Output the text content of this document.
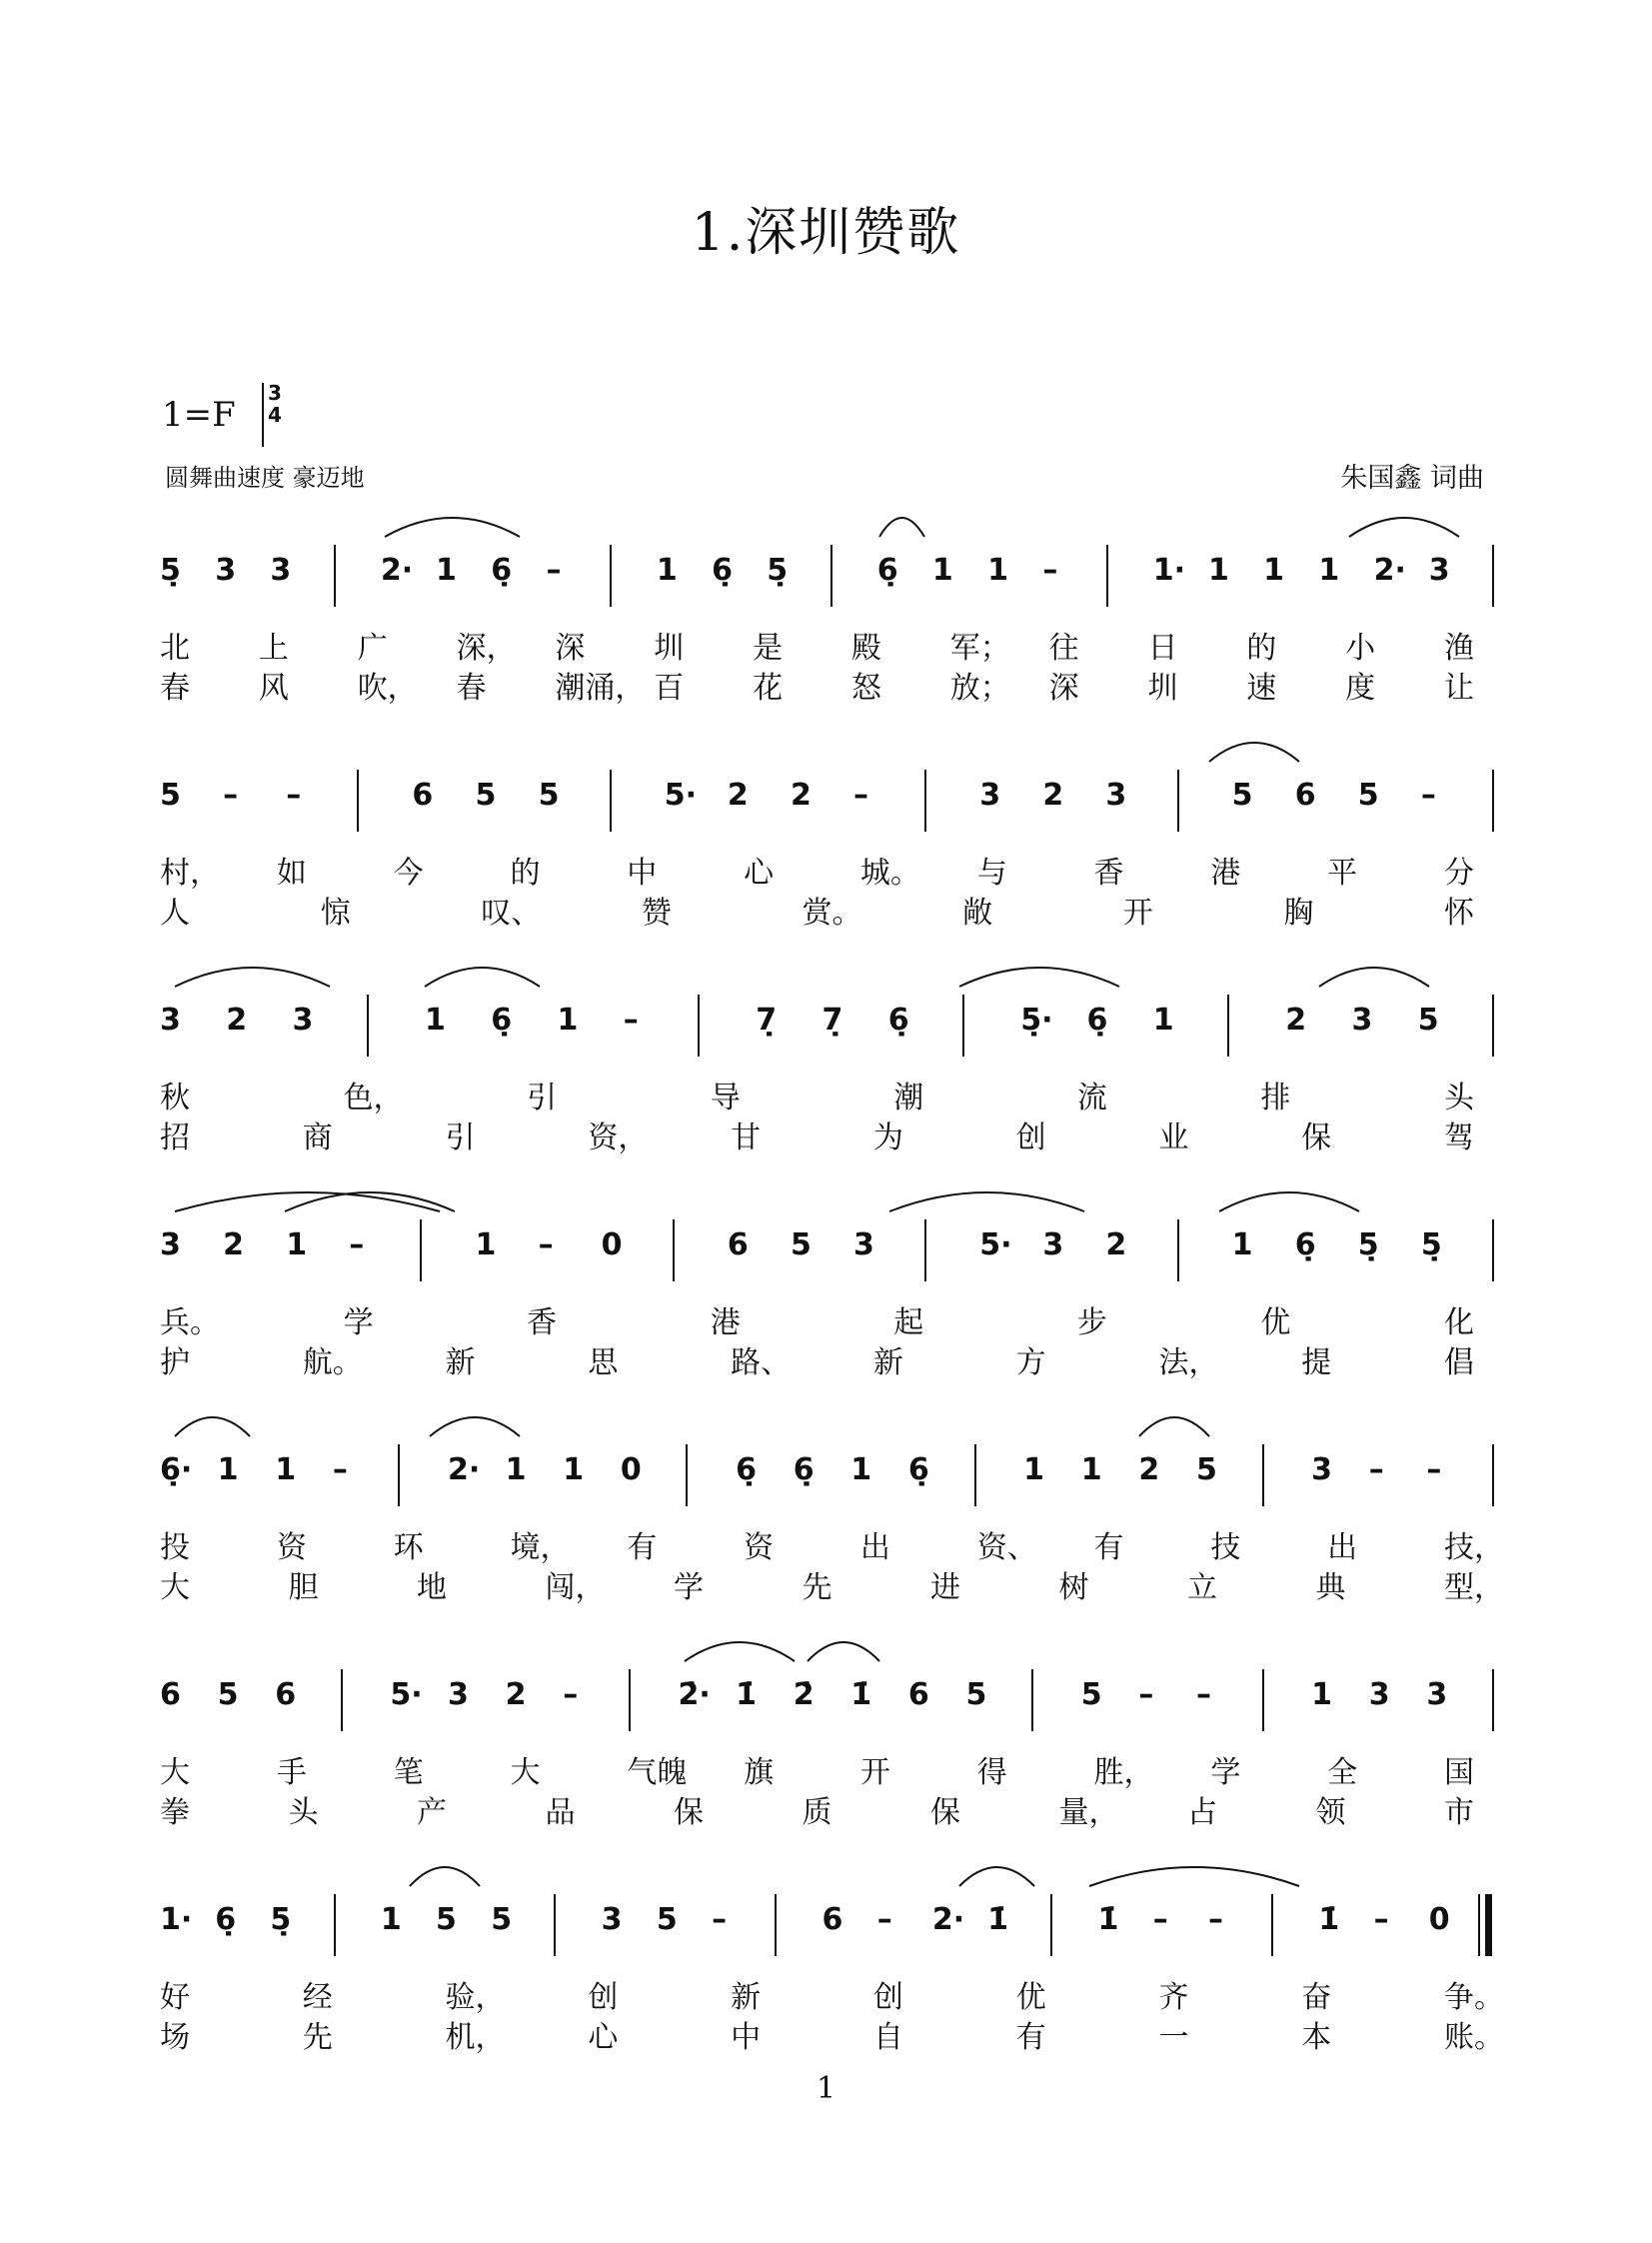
1.深圳赞歌
1=F
3
4
圆舞曲速度 豪迈地	朱国鑫 词曲
5̣ 3 3	2· 1 6̣ –	1 6̣ 5̣	6̣ 1 1 –	1· 1 1 1 2· 3
北 上 广 深， 深 圳 是 殿 军； 往 日 的 小 渔
春 风 吹， 春 潮涌， 百 花 怒 放； 深 圳 速 度 让
5 – –	6 5 5	5· 2 2 –	3 2 3	5 6 5 –
村， 如	今	的	中	心	城。 与	香	港	平	分
人	惊	叹、	赞	赏。	敞	开	胸	怀
3 2 3	1 6̣ 1 –	7̣ 7̣ 6̣	5̣· 6̣ 1	2 3 5
秋	色，	引	导	潮	流	排	头
招	商	引	资，	甘	为	创	业	保	驾
3 2 1 –	1 – 0	6 5 3	5· 3 2	1 6̣ 5̣ 5̣
兵。	学	香	港	起	步	优	化
护	航。	新	思	路、	新	方	法，	提	倡
6̣· 1 1 –	2· 1 1 0	6̣ 6̣ 1 6̣	1 1 2 5	3 – –
投	资	环	境， 有	资	出	资、 有	技	出	技，
大	胆	地	闯， 学	先	进	树	立	典	型，
6 5 6	5· 3 2 –	2̇· 1̇ 2̇ 1̇ 6 5	5 – –	1 3 3
大	手	笔	大	气魄 旗	开	得	胜， 学	全	国
拳	头	产	品	保	质	保	量， 占	领	市
1· 6̣ 5̣	1 5 5	3 5 –	6 – 2· 1̇	1̇ – –	1̇ – 0
好	经	验，	创	新	创	优	齐	奋	争。
场	先	机，	心	中	自	有	一	本	账。
1
